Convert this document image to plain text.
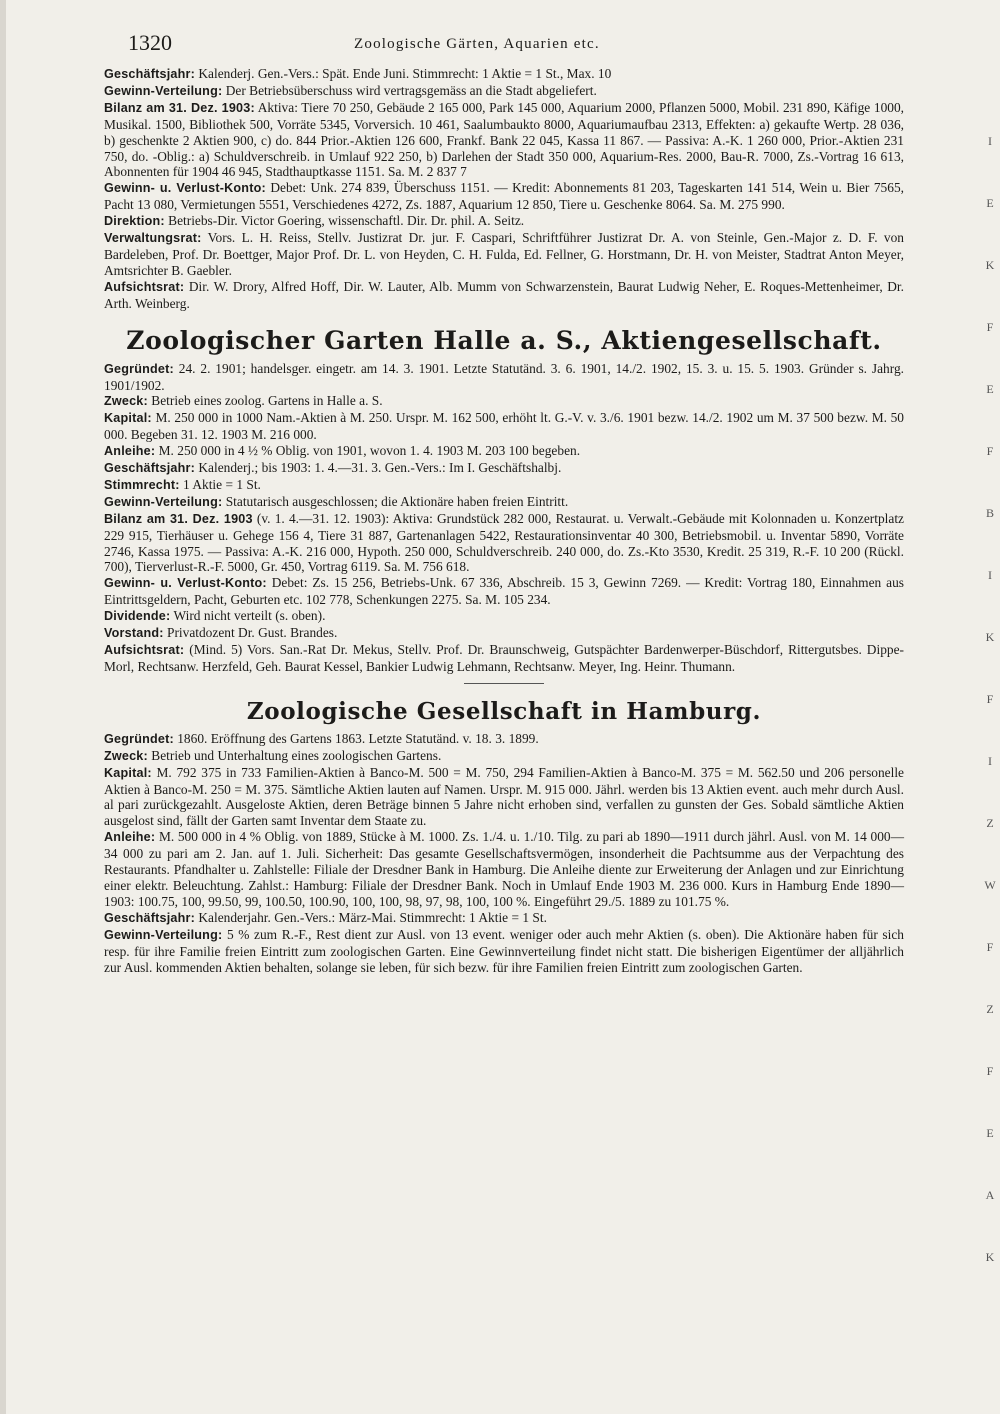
1320	Zoologische Gärten, Aquarien etc.

Geschäftsjahr: Kalenderj. Gen.-Vers.: Spät. Ende Juni. Stimmrecht: 1 Aktie = 1 St., Max. 10

Gewinn-Verteilung: Der Betriebsüberschuss wird vertragsgemäss an die Stadt abgeliefert.

Bilanz am 31. Dez. 1903: Aktiva: Tiere 70 250, Gebäude 2 165 000, Park 145 000, Aquarium 2000, Pflanzen 5000, Mobil. 231 890, Käfige 1000, Musikal. 1500, Bibliothek 500, Vorräte 5345, Vorversich. 10 461, Saalumbaukto 8000, Aquariumaufbau 2313, Effekten: a) gekaufte Wertp. 28 036, b) geschenkte 2 Aktien 900, c) do. 844 Prior.-Aktien 126 600, Frankf. Bank 22 045, Kassa 11 867. — Passiva: A.-K. 1 260 000, Prior.-Aktien 231 750, do. -Oblig.: a) Schuldverschreib. in Umlauf 922 250, b) Darlehen der Stadt 350 000, Aquarium-Res. 2000, Bau-R. 7000, Zs.-Vortrag 16 613, Abonnenten für 1904 46 945, Stadthauptkasse 1151. Sa. M. 2 837 7

Gewinn- u. Verlust-Konto: Debet: Unk. 274 839, Überschuss 1151. — Kredit: Abonnements 81 203, Tageskarten 141 514, Wein u. Bier 7565, Pacht 13 080, Vermietungen 5551, Verschiedenes 4272, Zs. 1887, Aquarium 12 850, Tiere u. Geschenke 8064. Sa. M. 275 990.

Direktion: Betriebs-Dir. Victor Goering, wissenschaftl. Dir. Dr. phil. A. Seitz.

Verwaltungsrat: Vors. L. H. Reiss, Stellv. Justizrat Dr. jur. F. Caspari, Schriftführer Justizrat Dr. A. von Steinle, Gen.-Major z. D. F. von Bardeleben, Prof. Dr. Boettger, Major Prof. Dr. L. von Heyden, C. H. Fulda, Ed. Fellner, G. Horstmann, Dr. H. von Meister, Stadtrat Anton Meyer, Amtsrichter B. Gaebler.

Aufsichtsrat: Dir. W. Drory, Alfred Hoff, Dir. W. Lauter, Alb. Mumm von Schwarzenstein, Baurat Ludwig Neher, E. Roques-Mettenheimer, Dr. Arth. Weinberg.

Zoologischer Garten Halle a. S., Aktiengesellschaft.

Gegründet: 24. 2. 1901; handelsger. eingetr. am 14. 3. 1901. Letzte Statutänd. 3. 6. 1901, 14./2. 1902, 15. 3. u. 15. 5. 1903. Gründer s. Jahrg. 1901/1902.

Zweck: Betrieb eines zoolog. Gartens in Halle a. S.

Kapital: M. 250 000 in 1000 Nam.-Aktien à M. 250. Urspr. M. 162 500, erhöht lt. G.-V. v. 3./6. 1901 bezw. 14./2. 1902 um M. 37 500 bezw. M. 50 000. Begeben 31. 12. 1903 M. 216 000.

Anleihe: M. 250 000 in 4 ½ % Oblig. von 1901, wovon 1. 4. 1903 M. 203 100 begeben.

Geschäftsjahr: Kalenderj.; bis 1903: 1. 4.—31. 3. Gen.-Vers.: Im I. Geschäftshalbj.

Stimmrecht: 1 Aktie = 1 St.

Gewinn-Verteilung: Statutarisch ausgeschlossen; die Aktionäre haben freien Eintritt.

Bilanz am 31. Dez. 1903 (v. 1. 4.—31. 12. 1903): Aktiva: Grundstück 282 000, Restaurat. u. Verwalt.-Gebäude mit Kolonnaden u. Konzertplatz 229 915, Tierhäuser u. Gehege 156 4, Tiere 31 887, Gartenanlagen 5422, Restaurationsinventar 40 300, Betriebsmobil. u. Inventar 5890, Vorräte 2746, Kassa 1975. — Passiva: A.-K. 216 000, Hypoth. 250 000, Schuldverschreib. 240 000, do. Zs.-Kto 3530, Kredit. 25 319, R.-F. 10 200 (Rückl. 700), Tierverlust-R.-F. 5000, Gr. 450, Vortrag 6119. Sa. M. 756 618.

Gewinn- u. Verlust-Konto: Debet: Zs. 15 256, Betriebs-Unk. 67 336, Abschreib. 15 3, Gewinn 7269. — Kredit: Vortrag 180, Einnahmen aus Eintrittsgeldern, Pacht, Geburten etc. 102 778, Schenkungen 2275. Sa. M. 105 234.

Dividende: Wird nicht verteilt (s. oben).

Vorstand: Privatdozent Dr. Gust. Brandes.

Aufsichtsrat: (Mind. 5) Vors. San.-Rat Dr. Mekus, Stellv. Prof. Dr. Braunschweig, Gutspächter Bardenwerper-Büschdorf, Rittergutsbes. Dippe-Morl, Rechtsanw. Herzfeld, Geh. Baurat Kessel, Bankier Ludwig Lehmann, Rechtsanw. Meyer, Ing. Heinr. Thumann.

Zoologische Gesellschaft in Hamburg.

Gegründet: 1860. Eröffnung des Gartens 1863. Letzte Statutänd. v. 18. 3. 1899.

Zweck: Betrieb und Unterhaltung eines zoologischen Gartens.

Kapital: M. 792 375 in 733 Familien-Aktien à Banco-M. 500 = M. 750, 294 Familien-Aktien à Banco-M. 375 = M. 562.50 und 206 personelle Aktien à Banco-M. 250 = M. 375. Sämtliche Aktien lauten auf Namen. Urspr. M. 915 000. Jährl. werden bis 13 Aktien event. auch mehr durch Ausl. al pari zurückgezahlt. Ausgeloste Aktien, deren Beträge binnen 5 Jahre nicht erhoben sind, verfallen zu gunsten der Ges. Sobald sämtliche Aktien ausgelost sind, fällt der Garten samt Inventar dem Staate zu.

Anleihe: M. 500 000 in 4 % Oblig. von 1889, Stücke à M. 1000. Zs. 1./4. u. 1./10. Tilg. zu pari ab 1890—1911 durch jährl. Ausl. von M. 14 000—34 000 zu pari am 2. Jan. auf 1. Juli. Sicherheit: Das gesamte Gesellschaftsvermögen, insonderheit die Pachtsumme aus der Verpachtung des Restaurants. Pfandhalter u. Zahlstelle: Filiale der Dresdner Bank in Hamburg. Die Anleihe diente zur Erweiterung der Anlagen und zur Einrichtung einer elektr. Beleuchtung. Zahlst.: Hamburg: Filiale der Dresdner Bank. Noch in Umlauf Ende 1903 M. 236 000. Kurs in Hamburg Ende 1890—1903: 100.75, 100, 99.50, 99, 100.50, 100.90, 100, 100, 98, 97, 98, 100, 100 %. Eingeführt 29./5. 1889 zu 101.75 %.

Geschäftsjahr: Kalenderjahr. Gen.-Vers.: März-Mai. Stimmrecht: 1 Aktie = 1 St.

Gewinn-Verteilung: 5 % zum R.-F., Rest dient zur Ausl. von 13 event. weniger oder auch mehr Aktien (s. oben). Die Aktionäre haben für sich resp. für ihre Familie freien Eintritt zum zoologischen Garten. Eine Gewinnverteilung findet nicht statt. Die bisherigen Eigentümer der alljährlich zur Ausl. kommenden Aktien behalten, solange sie leben, für sich bezw. für ihre Familien freien Eintritt zum zoologischen Garten.

I
E
K
F
E
F
B
I
K
F
I
Z
W
F
Z
F
E
A
K
